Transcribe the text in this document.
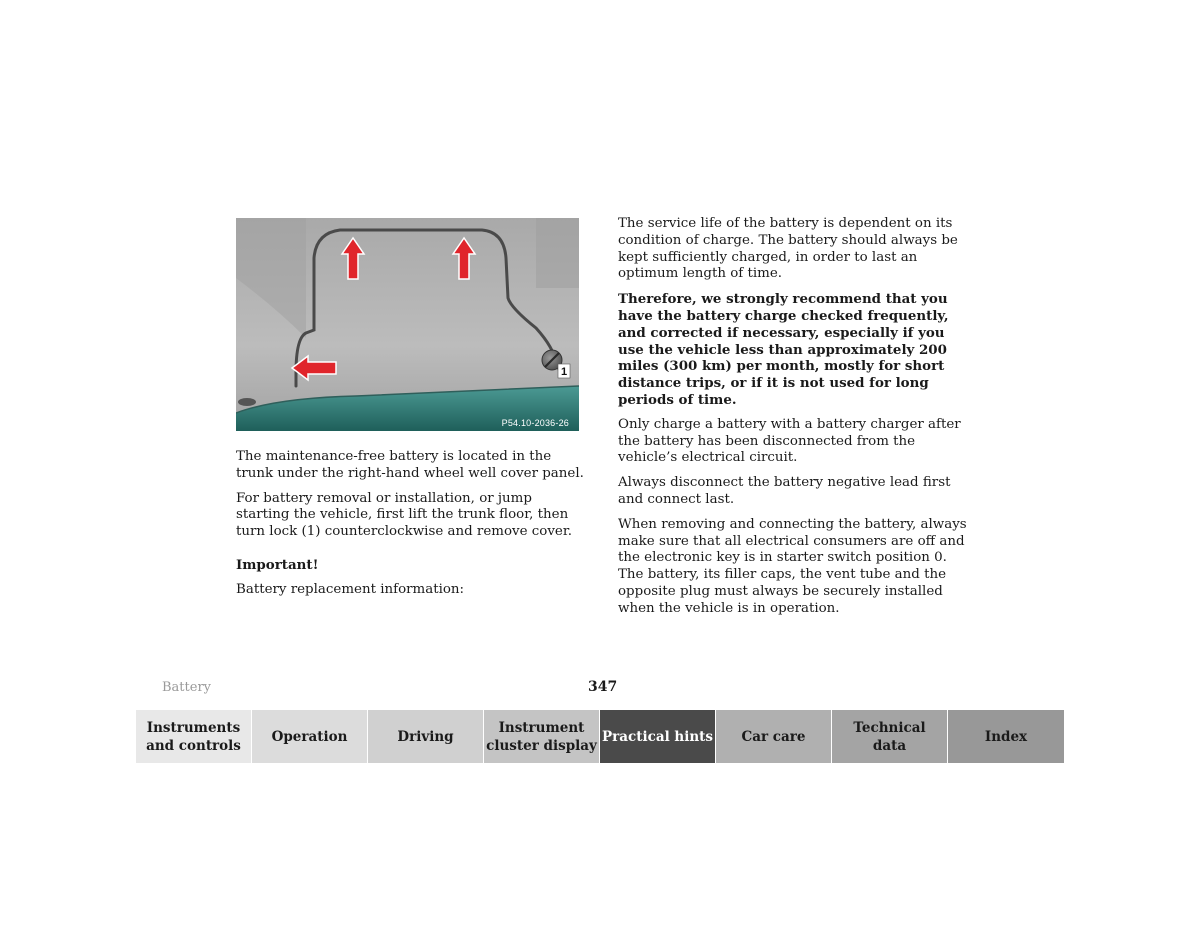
1
P54.10-2036-26

The maintenance-free battery is located in the trunk under the right-hand wheel well cover panel.

For battery removal or installation, or jump starting the vehicle, first lift the trunk floor, then turn lock (1) counterclockwise and remove cover.

Important!

Battery replacement information:

The service life of the battery is dependent on its condition of charge. The battery should always be kept sufficiently charged, in order to last an optimum length of time.

Therefore, we strongly recommend that you have the battery charge checked frequently, and corrected if necessary, especially if you use the vehicle less than approximately 200 miles (300 km) per month, mostly for short distance trips, or if it is not used for long periods of time.

Only charge a battery with a battery charger after the battery has been disconnected from the vehicle’s electrical circuit.

Always disconnect the battery negative lead first and connect last.

When removing and connecting the battery, always make sure that all electrical consumers are off and the electronic key is in starter switch position 0. The battery, its filler caps, the vent tube and the opposite plug must always be securely installed when the vehicle is in operation.

Battery	347
Instruments
and controls
Operation	Driving
Instrument
cluster display
Practical hints Car care
Technical
data
Index
